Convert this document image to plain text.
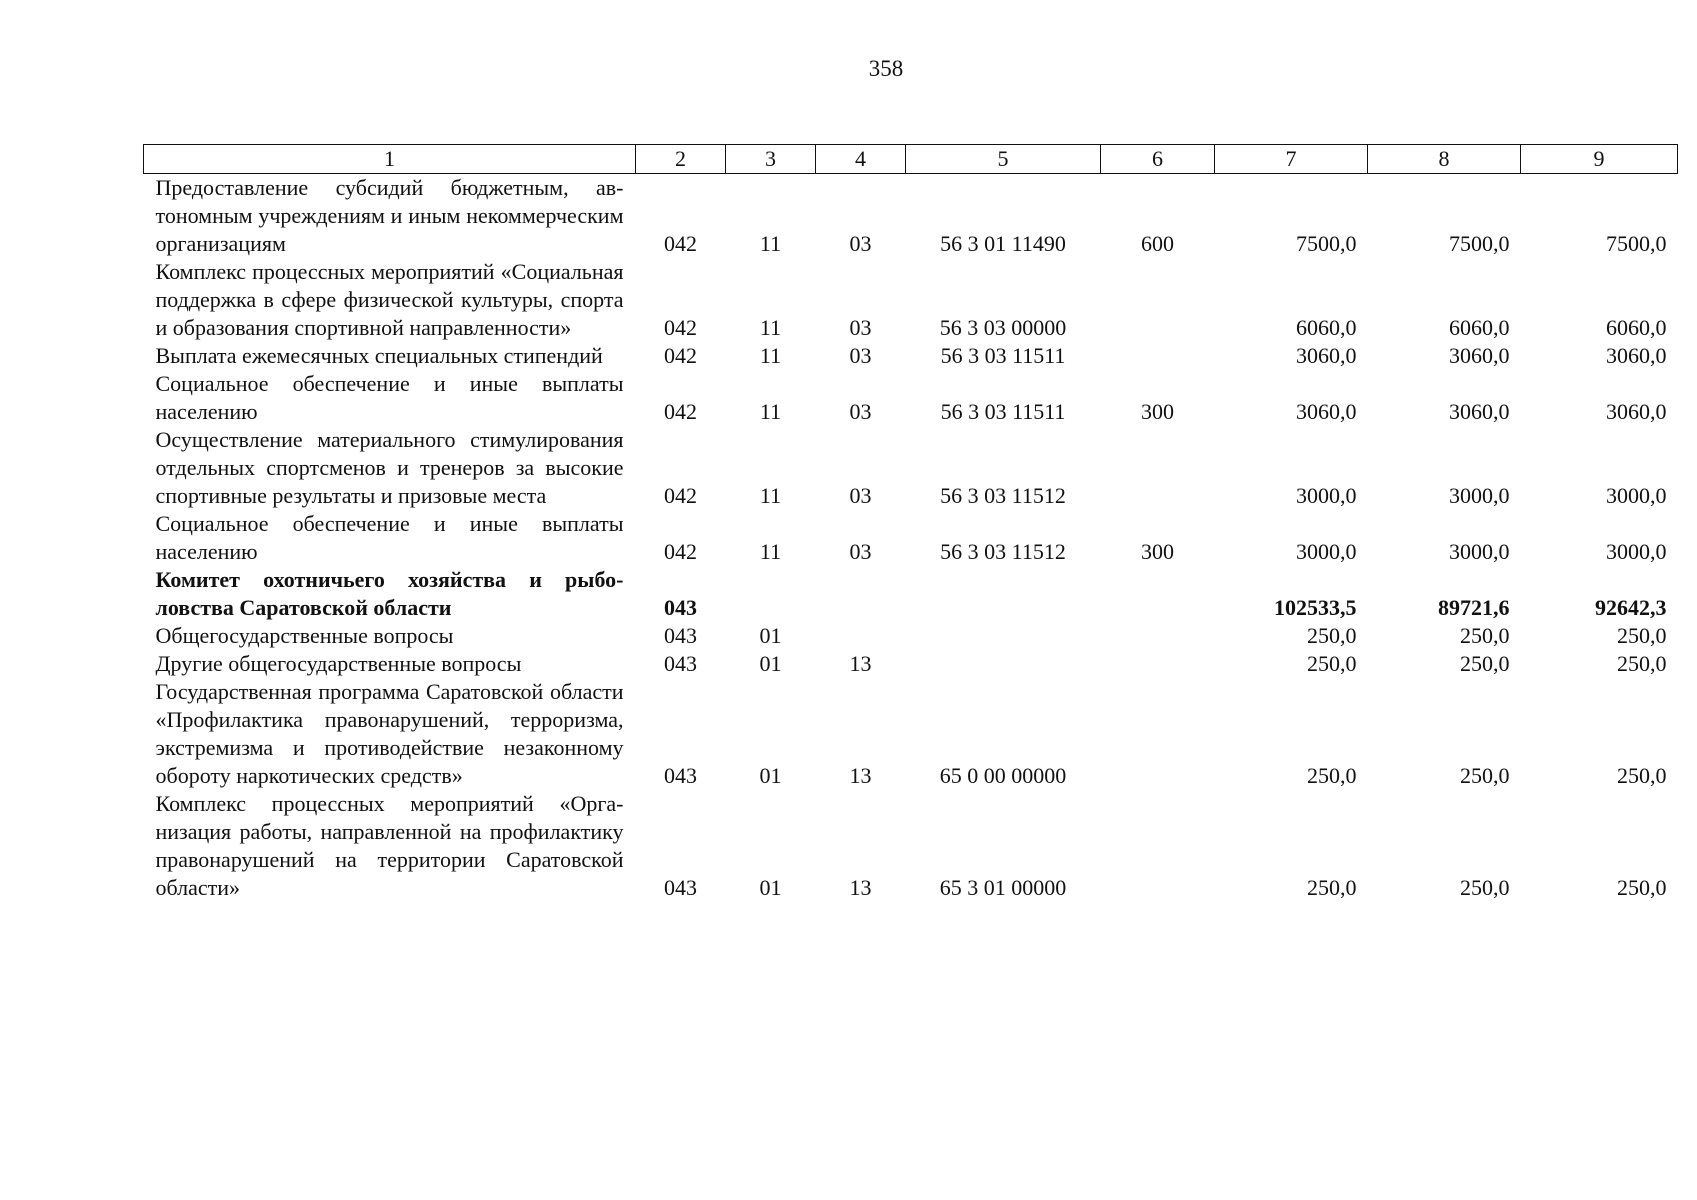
358
1	2	3	4	5	6	7	8	9
Предоставление субсидий бюджетным, автономным учреждениям и иным некоммерческим организациям	042	11	03	56 3 01 11490	600	7500,0	7500,0	7500,0
Комплекс процессных мероприятий «Социальная поддержка в сфере физической культуры, спорта и образования спортивной направленности»	042	11	03	56 3 03 00000		6060,0	6060,0	6060,0
Выплата ежемесячных специальных стипендий	042	11	03	56 3 03 11511		3060,0	3060,0	3060,0
Социальное обеспечение и иные выплаты населению	042	11	03	56 3 03 11511	300	3060,0	3060,0	3060,0
Осуществление материального стимулирования отдельных спортсменов и тренеров за высокие спортивные результаты и призовые места	042	11	03	56 3 03 11512		3000,0	3000,0	3000,0
Социальное обеспечение и иные выплаты населению	042	11	03	56 3 03 11512	300	3000,0	3000,0	3000,0
Комитет охотничьего хозяйства и рыболовства Саратовской области	043					102533,5	89721,6	92642,3
Общегосударственные вопросы	043	01				250,0	250,0	250,0
Другие общегосударственные вопросы	043	01	13			250,0	250,0	250,0
Государственная программа Саратовской области «Профилактика правонарушений, терроризма, экстремизма и противодействие незаконному обороту наркотических средств»	043	01	13	65 0 00 00000		250,0	250,0	250,0
Комплекс процессных мероприятий «Организация работы, направленной на профилактику правонарушений на территории Саратовской области»	043	01	13	65 3 01 00000		250,0	250,0	250,0
